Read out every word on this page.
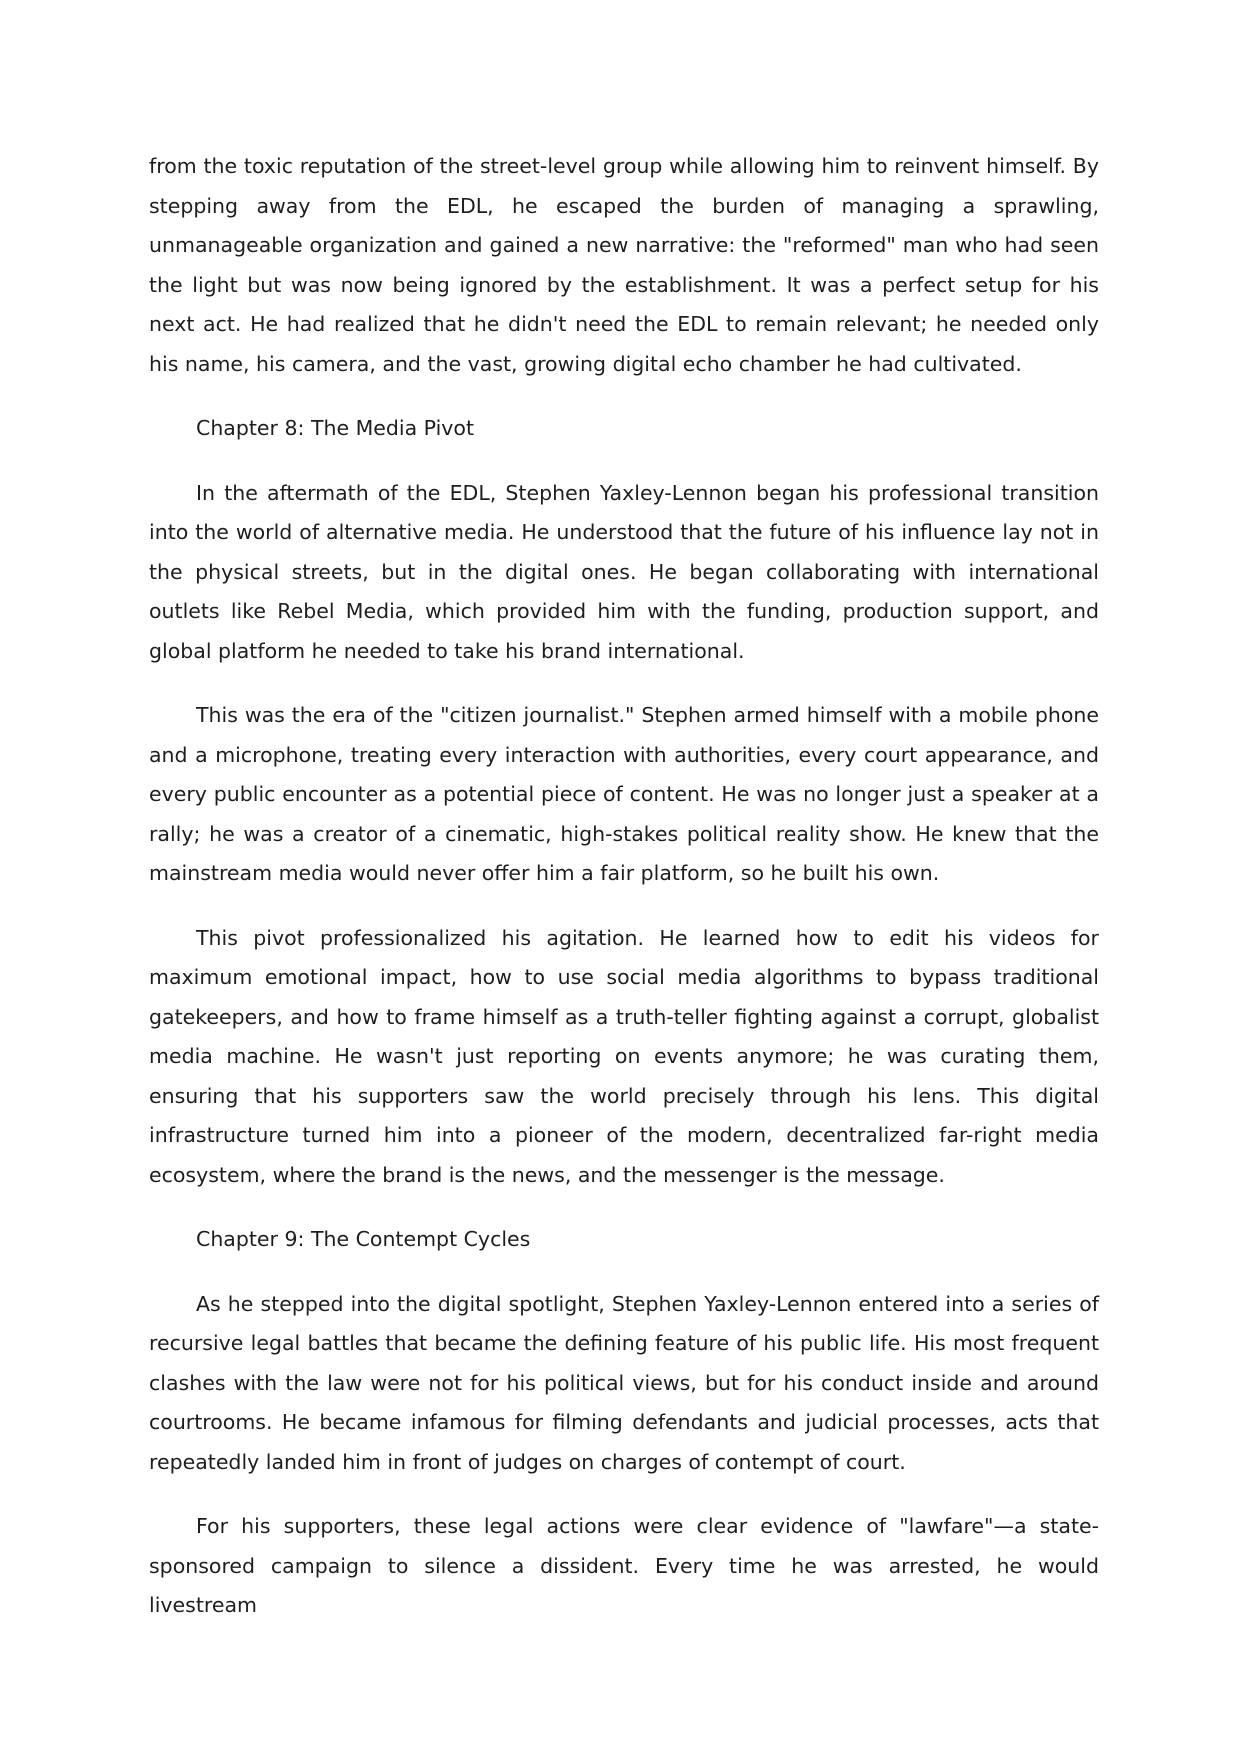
from the toxic reputation of the street-level group while allowing him to reinvent himself. By stepping away from the EDL, he escaped the burden of managing a sprawling, unmanageable organization and gained a new narrative: the "reformed" man who had seen the light but was now being ignored by the establishment. It was a perfect setup for his next act. He had realized that he didn't need the EDL to remain relevant; he needed only his name, his camera, and the vast, growing digital echo chamber he had cultivated.

Chapter 8: The Media Pivot

In the aftermath of the EDL, Stephen Yaxley-Lennon began his professional transition into the world of alternative media. He understood that the future of his influence lay not in the physical streets, but in the digital ones. He began collaborating with international outlets like Rebel Media, which provided him with the funding, production support, and global platform he needed to take his brand international.

This was the era of the "citizen journalist." Stephen armed himself with a mobile phone and a microphone, treating every interaction with authorities, every court appearance, and every public encounter as a potential piece of content. He was no longer just a speaker at a rally; he was a creator of a cinematic, high-stakes political reality show. He knew that the mainstream media would never offer him a fair platform, so he built his own.

This pivot professionalized his agitation. He learned how to edit his videos for maximum emotional impact, how to use social media algorithms to bypass traditional gatekeepers, and how to frame himself as a truth-teller fighting against a corrupt, globalist media machine. He wasn't just reporting on events anymore; he was curating them, ensuring that his supporters saw the world precisely through his lens. This digital infrastructure turned him into a pioneer of the modern, decentralized far-right media ecosystem, where the brand is the news, and the messenger is the message.

Chapter 9: The Contempt Cycles

As he stepped into the digital spotlight, Stephen Yaxley-Lennon entered into a series of recursive legal battles that became the defining feature of his public life. His most frequent clashes with the law were not for his political views, but for his conduct inside and around courtrooms. He became infamous for filming defendants and judicial processes, acts that repeatedly landed him in front of judges on charges of contempt of court.

For his supporters, these legal actions were clear evidence of "lawfare"—a state-sponsored campaign to silence a dissident. Every time he was arrested, he would livestream
